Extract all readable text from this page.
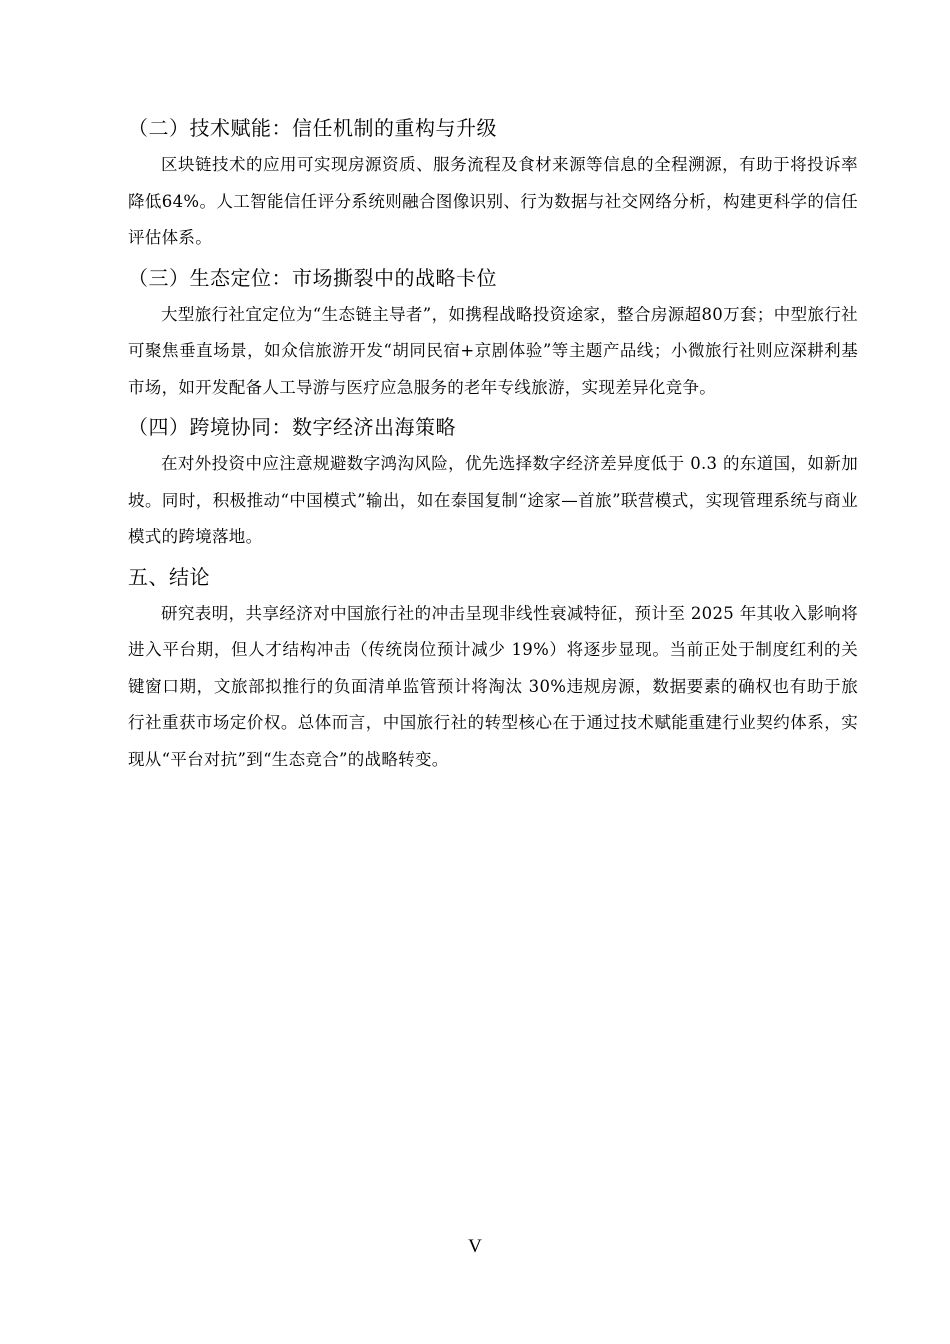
（二）技术赋能：信任机制的重构与升级

区块链技术的应用可实现房源资质、服务流程及食材来源等信息的全程溯源，有助于将投诉率降低64%。人工智能信任评分系统则融合图像识别、行为数据与社交网络分析，构建更科学的信任评估体系。

（三）生态定位：市场撕裂中的战略卡位

大型旅行社宜定位为“生态链主导者”，如携程战略投资途家，整合房源超80万套；中型旅行社可聚焦垂直场景，如众信旅游开发“胡同民宿+京剧体验”等主题产品线；小微旅行社则应深耕利基市场，如开发配备人工导游与医疗应急服务的老年专线旅游，实现差异化竞争。

（四）跨境协同：数字经济出海策略

在对外投资中应注意规避数字鸿沟风险，优先选择数字经济差异度低于 0.3 的东道国，如新加坡。同时，积极推动“中国模式”输出，如在泰国复制“途家—首旅”联营模式，实现管理系统与商业模式的跨境落地。

五、结论

研究表明，共享经济对中国旅行社的冲击呈现非线性衰减特征，预计至 2025 年其收入影响将进入平台期，但人才结构冲击（传统岗位预计减少 19%）将逐步显现。当前正处于制度红利的关键窗口期，文旅部拟推行的负面清单监管预计将淘汰 30%违规房源，数据要素的确权也有助于旅行社重获市场定价权。总体而言，中国旅行社的转型核心在于通过技术赋能重建行业契约体系，实现从“平台对抗”到“生态竞合”的战略转变。

V
